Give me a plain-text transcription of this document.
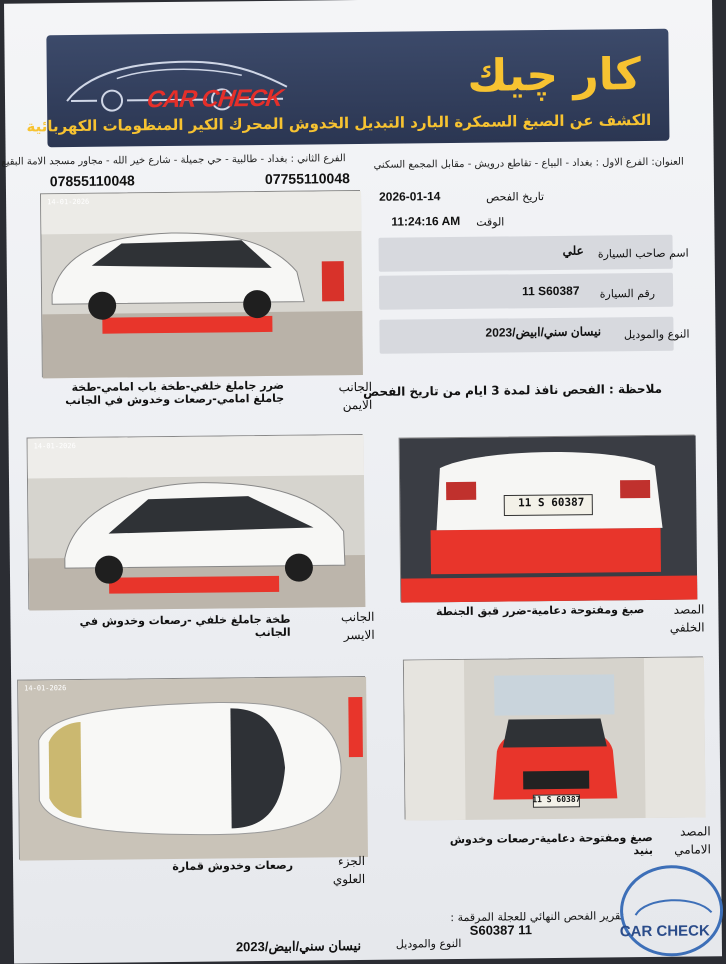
CAR CHECK	كار چيك
الكشف عن الصبغ السمكرة البارد التبديل الخدوش المحرك الكير المنظومات الكهربائية
الفرع الثاني : بغداد - طالبية - حي جميلة - شارع خير الله - مجاور مسجد الامة البقيع	العنوان: الفرع الاول : بغداد - البياع - تقاطع درويش - مقابل المجمع السكني
07855110048	07755110048
14-01-2026	2026-01-14	تاريخ الفحص
11:24:16 AM الوقت
علي اسم صاحب السيارة
11 S60387 رقم السيارة
نيسان سني/ابيض/2023 النوع والموديل
ضرر جاملغ خلفي-طخة باب امامي-طخة جاملغ امامي-رصعات وخدوش في الجانب
الجانب الايمن
ملاحظة : الفحص نافذ لمدة 3 ايام من تاريخ الفحص
14-01-2026
11 S 60387
طخة جاملغ خلفي -رصعات وخدوش في الجانب
الجانب الايسر
صبغ ومفتوحة دعامية-ضرر قبق الجنطة	المصد الخلفي
14-01-2026
11 S 60387
رصعات وخدوش قمارة	الجزء العلوي
صبغ ومفتوحة دعامية-رصعات وخدوش بنيد
المصد الامامي
تقرير الفحص النهائي للعجلة المرقمة :
11 S60387
النوع والموديل
نيسان سني/ابيض/2023
CAR CHECK
